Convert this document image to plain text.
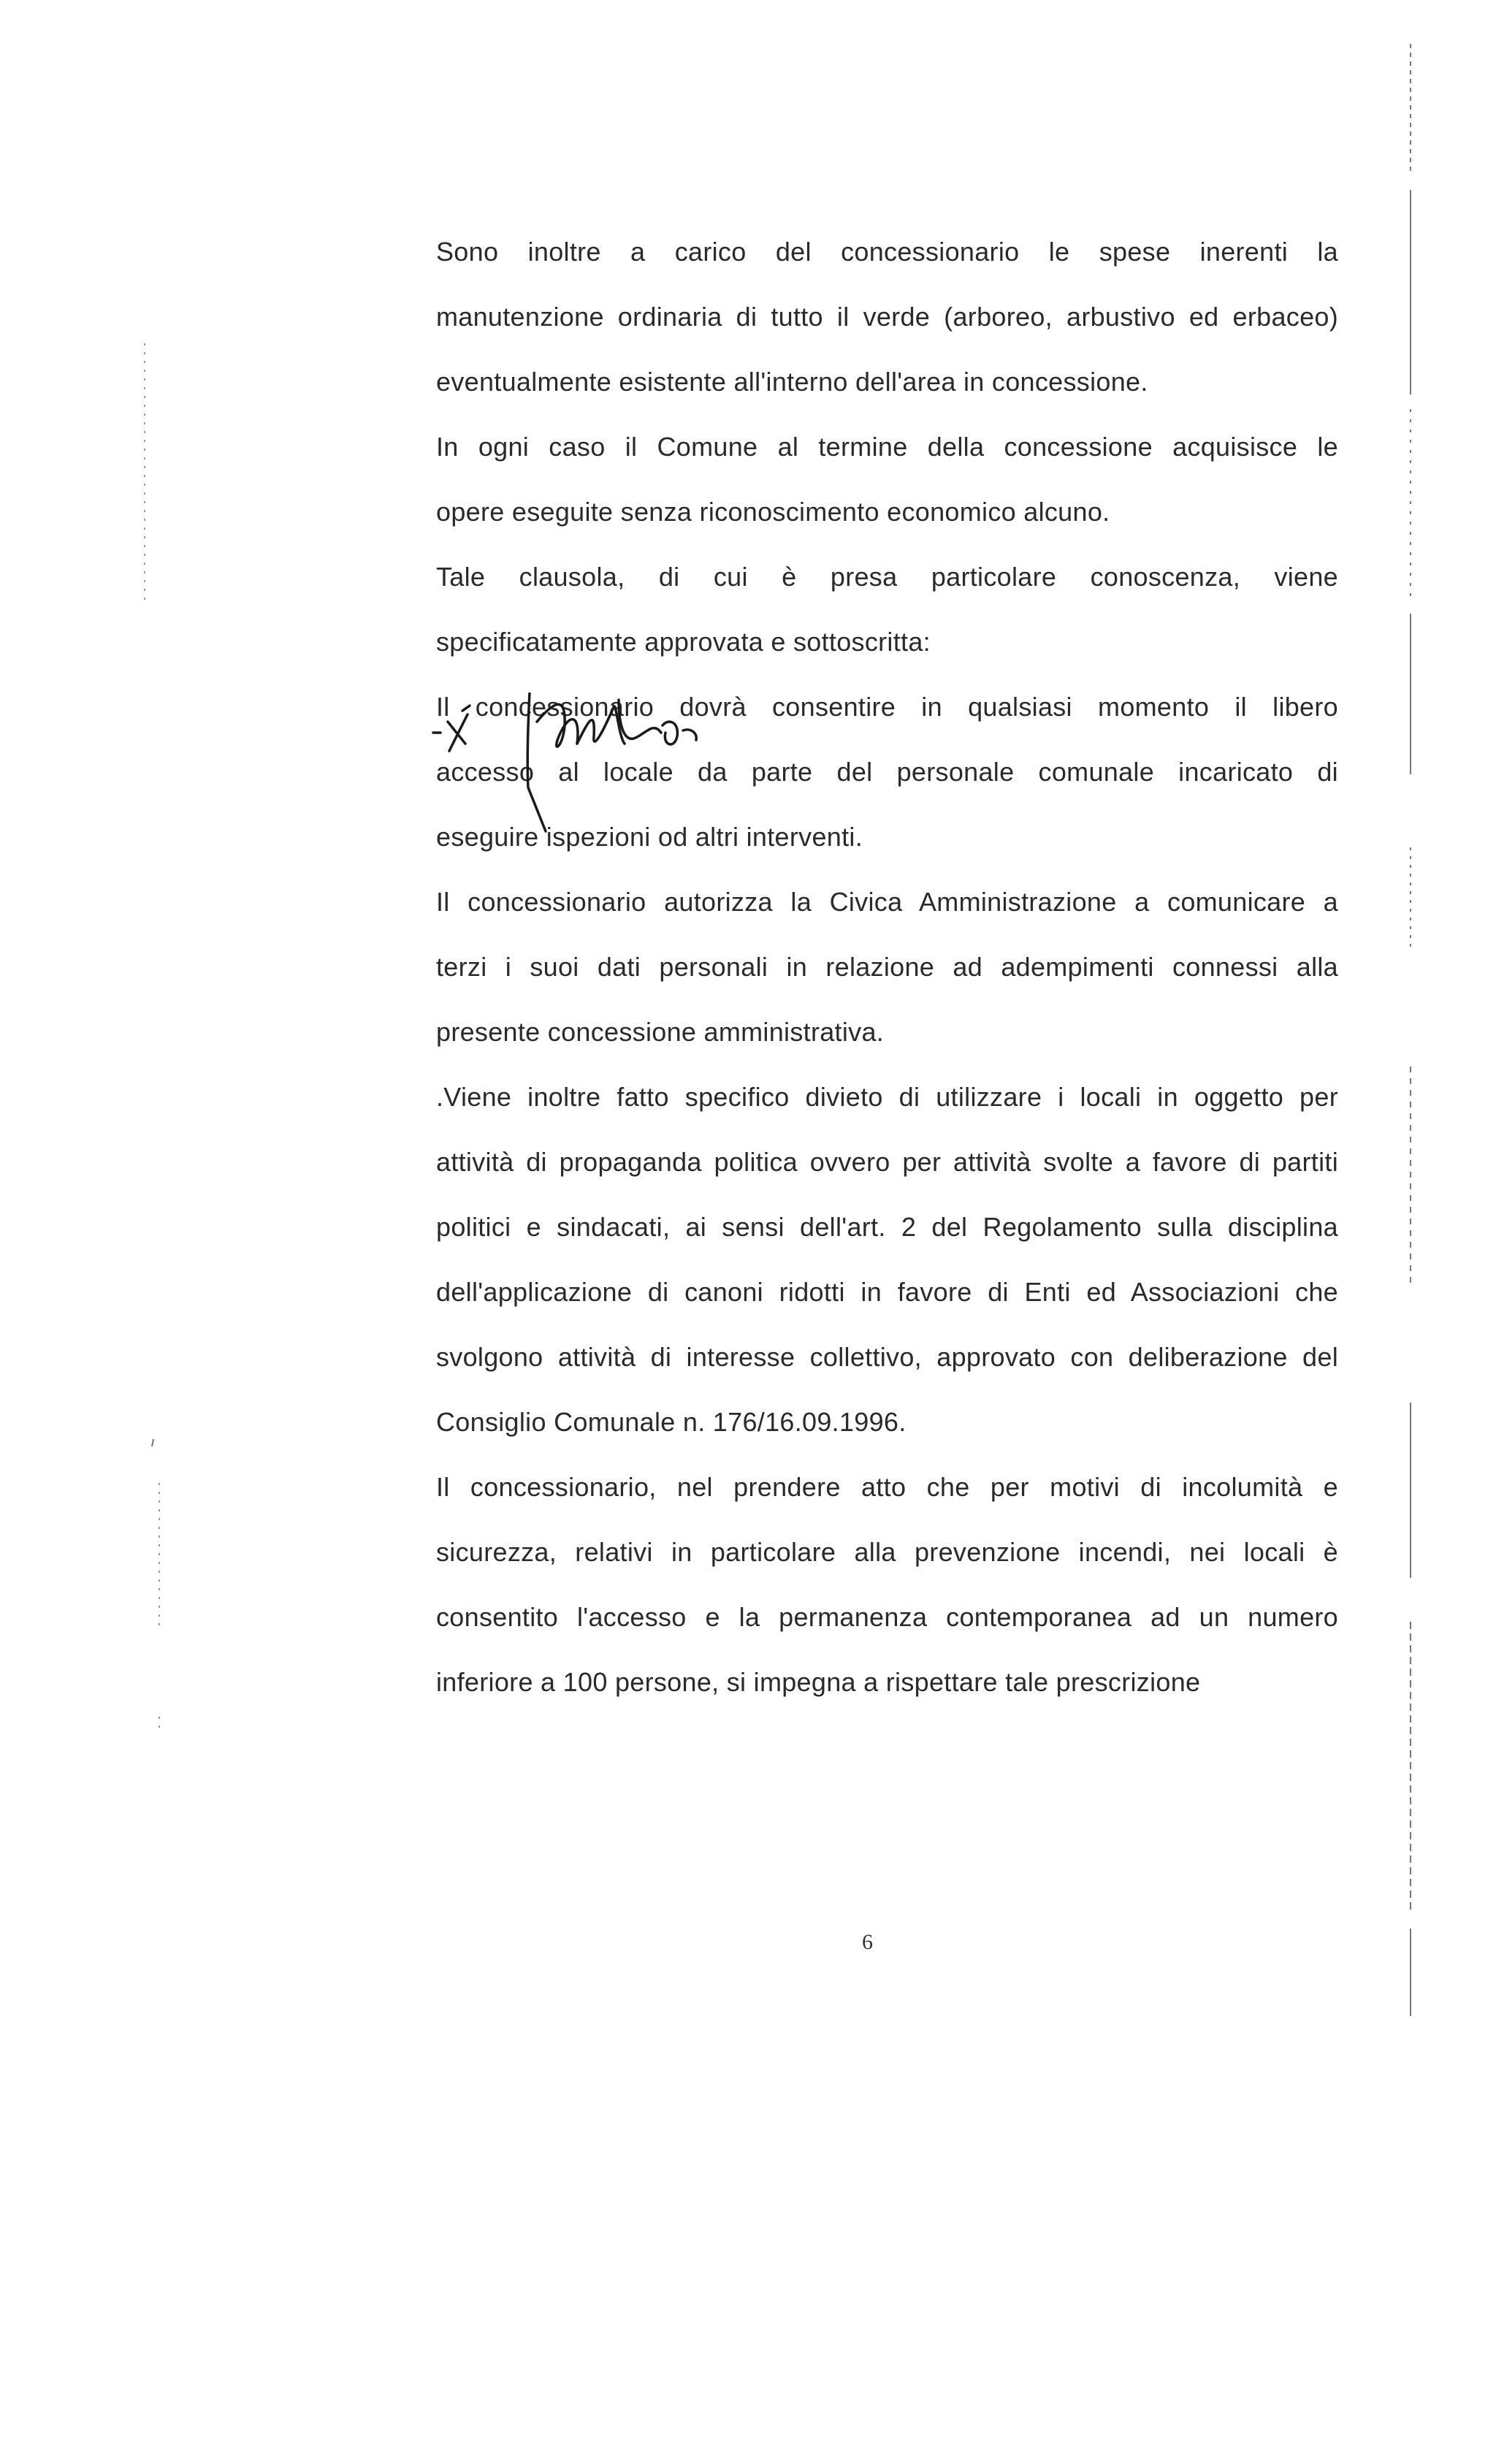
Sono inoltre a carico del concessionario le spese inerenti la
manutenzione ordinaria di tutto il verde (arboreo, arbustivo ed erbaceo)
eventualmente esistente all'interno dell'area in concessione.
In ogni caso il Comune al termine della concessione acquisisce le
opere eseguite senza riconoscimento economico alcuno.
Tale clausola, di cui è presa particolare conoscenza, viene
specificatamente approvata e sottoscritta:
Il concessionario dovrà consentire in qualsiasi momento il libero
accesso al locale da parte del personale comunale incaricato di
eseguire ispezioni od altri interventi.
Il concessionario autorizza la Civica Amministrazione a comunicare a
terzi i suoi dati personali in relazione ad adempimenti connessi alla
presente concessione amministrativa.
.Viene inoltre fatto specifico divieto di utilizzare i locali in oggetto per
attività di propaganda politica ovvero per attività svolte a favore di partiti
politici e sindacati, ai sensi dell'art. 2 del Regolamento sulla disciplina
dell'applicazione di canoni ridotti in favore di Enti ed Associazioni che
svolgono attività di interesse collettivo, approvato con deliberazione del
Consiglio Comunale n. 176/16.09.1996.
Il concessionario, nel prendere atto che per motivi di incolumità e
sicurezza, relativi in particolare alla prevenzione incendi, nei locali è
consentito l'accesso e la permanenza contemporanea ad un numero
inferiore a 100 persone, si impegna a rispettare tale prescrizione
6
